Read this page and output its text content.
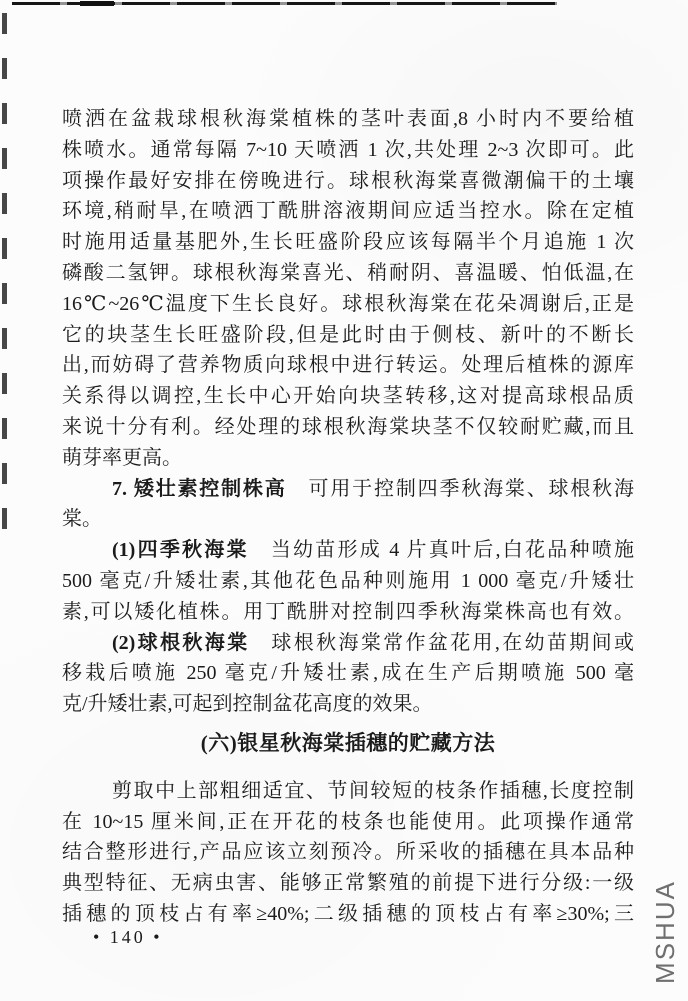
喷洒在盆栽球根秋海棠植株的茎叶表面,8 小时内不要给植
株喷水。通常每隔 7~10 天喷洒 1 次,共处理 2~3 次即可。此
项操作最好安排在傍晚进行。球根秋海棠喜微潮偏干的土壤
环境,稍耐旱,在喷洒丁酰肼溶液期间应适当控水。除在定植
时施用适量基肥外,生长旺盛阶段应该每隔半个月追施 1 次
磷酸二氢钾。球根秋海棠喜光、稍耐阴、喜温暖、怕低温,在
16℃~26℃温度下生长良好。球根秋海棠在花朵凋谢后,正是
它的块茎生长旺盛阶段,但是此时由于侧枝、新叶的不断长
出,而妨碍了营养物质向球根中进行转运。处理后植株的源库
关系得以调控,生长中心开始向块茎转移,这对提高球根品质
来说十分有利。经处理的球根秋海棠块茎不仅较耐贮藏,而且
萌芽率更高。
7. 矮壮素控制株高 可用于控制四季秋海棠、球根秋海
棠。
(1)四季秋海棠 当幼苗形成 4 片真叶后,白花品种喷施
500 毫克/升矮壮素,其他花色品种则施用 1 000 毫克/升矮壮
素,可以矮化植株。用丁酰肼对控制四季秋海棠株高也有效。
(2)球根秋海棠 球根秋海棠常作盆花用,在幼苗期间或
移栽后喷施 250 毫克/升矮壮素,成在生产后期喷施 500 毫
克/升矮壮素,可起到控制盆花高度的效果。
(六)银星秋海棠插穗的贮藏方法
剪取中上部粗细适宜、节间较短的枝条作插穗,长度控制
在 10~15 厘米间,正在开花的枝条也能使用。此项操作通常
结合整形进行,产品应该立刻预冷。所采收的插穗在具本品种
典型特征、无病虫害、能够正常繁殖的前提下进行分级:一级
插穗的顶枝占有率≥40%;二级插穗的顶枝占有率≥30%;三
• 140 •	MSHUA
